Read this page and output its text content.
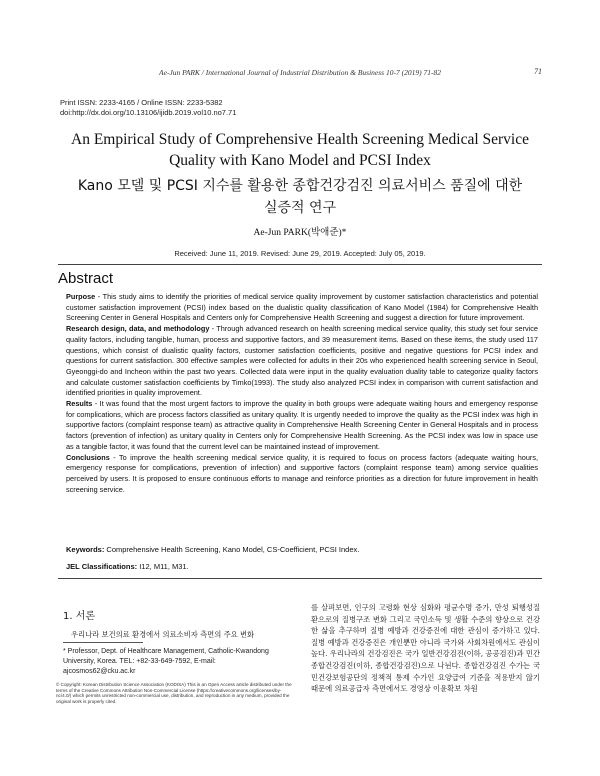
Ae-Jun PARK / International Journal of Industrial Distribution & Business 10-7 (2019) 71-82	71
Print ISSN: 2233-4165 / Online ISSN: 2233-5382
doi:http://dx.doi.org/10.13106/ijidb.2019.vol10.no7.71
An Empirical Study of Comprehensive Health Screening Medical Service
Quality with Kano Model and PCSI Index
Kano 모델 및 PCSI 지수를 활용한 종합건강검진 의료서비스 품질에 대한
실증적 연구
Ae-Jun PARK(박애준)*
Received: June 11, 2019. Revised: June 29, 2019. Accepted: July 05, 2019.
Abstract

Purpose - This study aims to identify the priorities of medical service quality improvement by customer satisfaction characteristics and potential customer satisfaction improvement (PCSI) index based on the dualistic quality classification of Kano Model (1984) for Comprehensive Health Screening Center in General Hospitals and Centers only for Comprehensive Health Screening and suggest a direction for future improvement.

Research design, data, and methodology - Through advanced research on health screening medical service quality, this study set four service quality factors, including tangible, human, process and supportive factors, and 39 measurement items. Based on these items, the study used 117 questions, which consist of dualistic quality factors, customer satisfaction coefficients, positive and negative questions for PCSI index and questions for current satisfaction. 300 effective samples were collected for adults in their 20s who experienced health screening service in Seoul, Gyeonggi-do and Incheon within the past two years. Collected data were input in the quality evaluation duality table to categorize quality factors and calculate customer satisfaction coefficients by Timko(1993). The study also analyzed PCSI index in comparison with current satisfaction and identified priorities in quality improvement.

Results - It was found that the most urgent factors to improve the quality in both groups were adequate waiting hours and emergency response for complications, which are process factors classified as unitary quality. It is urgently needed to improve the quality as the PCSI index was high in supportive factors (complaint response team) as attractive quality in Comprehensive Health Screening Center in General Hospitals and in process factors (prevention of infection) as unitary quality in Centers only for Comprehensive Health Screening. As the PCSI index was low in space use as a tangible factor, it was found that the current level can be maintained instead of improvement.

Conclusions - To improve the health screening medical service quality, it is required to focus on process factors (adequate waiting hours, emergency response for complications, prevention of infection) and supportive factors (complaint response team) among service qualities perceived by users. It is proposed to ensure continuous efforts to manage and reinforce priorities as a direction for future improvement in health screening service.

Keywords: Comprehensive Health Screening, Kano Model, CS-Coefficient, PCSI Index.
JEL Classifications: I12, M11, M31.
1. 서론
우리나라 보건의료 환경에서 의료소비자 측면의 주요 변화
* Professor, Dept. of Healthcare Management, Catholic-Kwandong University, Korea. TEL: +82-33-649-7592, E-mail: ajcosmos62@cku.ac.kr
© Copyright: Korean Distribution Science Association (KODISA) This is an Open Access article distributed under the terms of the Creative Commons Attribution Non-Commercial License (https://creativecommons.org/licenses/by-nc/4.0/) which permits unrestricted non-commercial use, distribution, and reproduction in any medium, provided the original work is properly cited.
를 살펴보면, 인구의 고령화 현상 심화와 평균수명 증가, 만성 퇴행성질환으로의 질병구조 변화 그리고 국민소득 및 생활 수준의 향상으로 건강한 삶을 추구하며 질병 예방과 건강증진에 대한 관심이 증가하고 있다. 질병 예방과 건강증진은 개인뿐만 아니라 국가와 사회차원에서도 관심이 높다. 우리나라의 건강검진은 국가 일반건강검진(이하, 공공검진)과 민간 종합건강검진(이하, 종합건강검진)으로 나뉜다. 종합건강검진 수가는 국민건강보험공단의 정책적 통제 수가인 요양급여 기준을 적용받지 않기 때문에 의료공급자 측면에서도 경영상 이윤확보 차원
